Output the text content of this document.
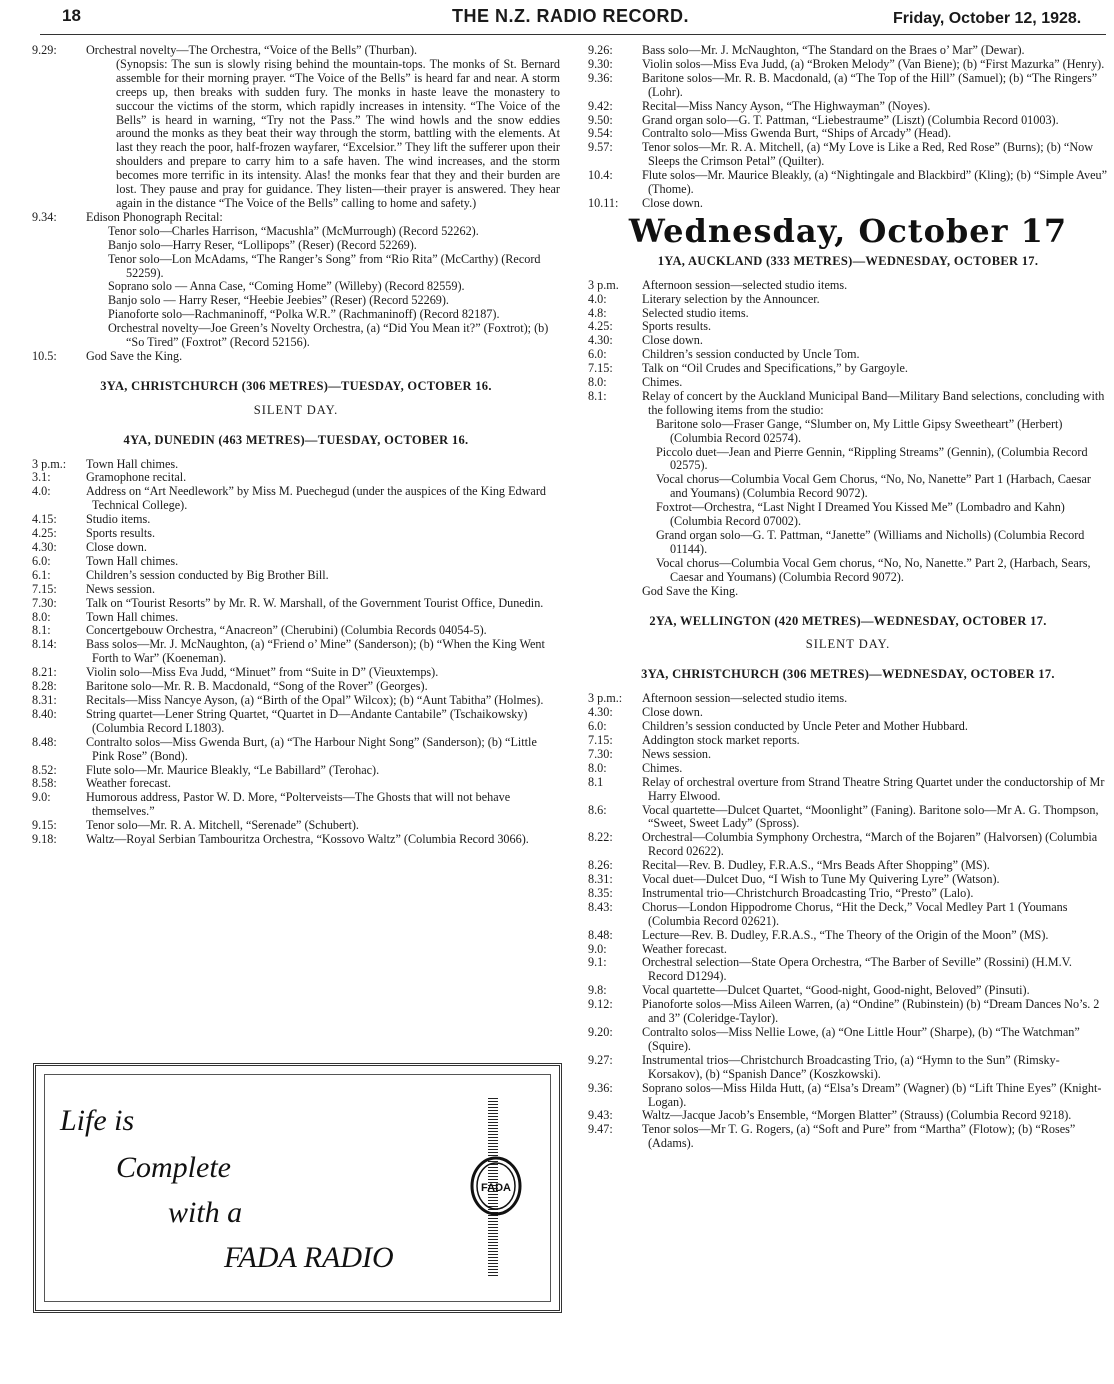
18	THE N.Z. RADIO RECORD.	Friday, October 12, 1928.

9.29: Orchestral novelty—The Orchestra, “Voice of the Bells” (Thurban).

(Synopsis: The sun is slowly rising behind the mountain-tops. The monks of St. Bernard assemble for their morning prayer. “The Voice of the Bells” is heard far and near. A storm creeps up, then breaks with sudden fury. The monks in haste leave the monastery to succour the victims of the storm, which rapidly increases in intensity. “The Voice of the Bells” is heard in warning, “Try not the Pass.” The wind howls and the snow eddies around the monks as they beat their way through the storm, battling with the elements. At last they reach the poor, half-frozen wayfarer, “Excelsior.” They lift the sufferer upon their shoulders and prepare to carry him to a safe haven. The wind increases, and the storm becomes more terrific in its intensity. Alas! the monks fear that they and their burden are lost. They pause and pray for guidance. They listen—their prayer is answered. They hear again in the distance “The Voice of the Bells” calling to home and safety.)

9.34: Edison Phonograph Recital:

Tenor solo—Charles Harrison, “Macushla” (McMurrough) (Record 52262).

Banjo solo—Harry Reser, “Lollipops” (Reser) (Record 52269).

Tenor solo—Lon McAdams, “The Ranger’s Song” from “Rio Rita” (McCarthy) (Record 52259).

Soprano solo — Anna Case, “Coming Home” (Willeby) (Record 82559).

Banjo solo — Harry Reser, “Heebie Jeebies” (Reser) (Record 52269).

Pianoforte solo—Rachmaninoff, “Polka W.R.” (Rachmaninoff) (Record 82187).

Orchestral novelty—Joe Green’s Novelty Orchestra, (a) “Did You Mean it?” (Foxtrot); (b) “So Tired” (Foxtrot” (Record 52156).

10.5: God Save the King.

3YA, CHRISTCHURCH (306 METRES)—TUESDAY, OCTOBER 16.
SILENT DAY.
4YA, DUNEDIN (463 METRES)—TUESDAY, OCTOBER 16.

3 p.m.: Town Hall chimes.

3.1:	Gramophone recital.

4.0:	Address on “Art Needlework” by Miss M. Puechegud (under the auspices of the King Edward Technical College).

4.15: Studio items.

4.25: Sports results.

4.30: Close down.

6.0:	Town Hall chimes.

6.1:	Children’s session conducted by Big Brother Bill.

7.15: News session.

7.30: Talk on “Tourist Resorts” by Mr. R. W. Marshall, of the Government Tourist Office, Dunedin.

8.0:	Town Hall chimes.

8.1:	Concertgebouw Orchestra, “Anacreon” (Cherubini) (Columbia Records 04054-5).

8.14: Bass solos—Mr. J. McNaughton, (a) “Friend o’ Mine” (Sanderson); (b) “When the King Went Forth to War” (Koeneman).

8.21: Violin solo—Miss Eva Judd, “Minuet” from “Suite in D” (Vieuxtemps).

8.28: Baritone solo—Mr. R. B. Macdonald, “Song of the Rover” (Georges).

8.31: Recitals—Miss Nancye Ayson, (a) “Birth of the Opal” Wilcox); (b) “Aunt Tabitha” (Holmes).

8.40: String quartet—Lener String Quartet, “Quartet in D—Andante Cantabile” (Tschaikowsky) (Columbia Record L1803).

8.48: Contralto solos—Miss Gwenda Burt, (a) “The Harbour Night Song” (Sanderson); (b) “Little Pink Rose” (Bond).

8.52: Flute solo—Mr. Maurice Bleakly, “Le Babillard” (Terohac).

8.58: Weather forecast.

9.0:	Humorous address, Pastor W. D. More, “Polterveists—The Ghosts that will not behave themselves.”

9.15: Tenor solo—Mr. R. A. Mitchell, “Serenade” (Schubert).

9.18: Waltz—Royal Serbian Tambouritza Orchestra, “Kossovo Waltz” (Columbia Record 3066).

Life is
Complete
with a
FADA RADIO
FADA

9.26: Bass solo—Mr. J. McNaughton, “The Standard on the Braes o’ Mar” (Dewar).

9.30: Violin solos—Miss Eva Judd, (a) “Broken Melody” (Van Biene); (b) “First Mazurka” (Henry).

9.36: Baritone solos—Mr. R. B. Macdonald, (a) “The Top of the Hill” (Samuel); (b) “The Ringers” (Lohr).

9.42: Recital—Miss Nancy Ayson, “The Highwayman” (Noyes).

9.50: Grand organ solo—G. T. Pattman, “Liebestraume” (Liszt) (Columbia Record 01003).

9.54: Contralto solo—Miss Gwenda Burt, “Ships of Arcady” (Head).

9.57: Tenor solos—Mr. R. A. Mitchell, (a) “My Love is Like a Red, Red Rose” (Burns); (b) “Now Sleeps the Crimson Petal” (Quilter).

10.4: Flute solos—Mr. Maurice Bleakly, (a) “Nightingale and Blackbird” (Kling); (b) “Simple Aveu” (Thome).

10.11: Close down.

Wednesday, October 17
1YA, AUCKLAND (333 METRES)—WEDNESDAY, OCTOBER 17.

3 p.m. Afternoon session—selected studio items.

4.0:	Literary selection by the Announcer.

4.8:	Selected studio items.

4.25: Sports results.

4.30: Close down.

6.0:	Children’s session conducted by Uncle Tom.

7.15: Talk on “Oil Crudes and Specifications,” by Gargoyle.

8.0:	Chimes.

8.1:	Relay of concert by the Auckland Municipal Band—Military Band selections, concluding with the following items from the studio:

Baritone solo—Fraser Gange, “Slumber on, My Little Gipsy Sweetheart” (Herbert) (Columbia Record 02574).

Piccolo duet—Jean and Pierre Gennin, “Rippling Streams” (Gennin), (Columbia Record 02575).

Vocal chorus—Columbia Vocal Gem Chorus, “No, No, Nanette” Part 1 (Harbach, Caesar and Youmans) (Columbia Record 9072).

Foxtrot—Orchestra, “Last Night I Dreamed You Kissed Me” (Lombadro and Kahn) (Columbia Record 07002).

Grand organ solo—G. T. Pattman, “Janette” (Williams and Nicholls) (Columbia Record 01144).

Vocal chorus—Columbia Vocal Gem chorus, “No, No, Nanette.” Part 2, (Harbach, Sears, Caesar and Youmans) (Columbia Record 9072).

God Save the King.

2YA, WELLINGTON (420 METRES)—WEDNESDAY, OCTOBER 17.
SILENT DAY.
3YA, CHRISTCHURCH (306 METRES)—WEDNESDAY, OCTOBER 17.

3 p.m.: Afternoon session—selected studio items.

4.30: Close down.

6.0:	Children’s session conducted by Uncle Peter and Mother Hubbard.

7.15: Addington stock market reports.

7.30: News session.

8.0:	Chimes.

8.1	Relay of orchestral overture from Strand Theatre String Quartet under the conductorship of Mr Harry Elwood.

8.6:	Vocal quartette—Dulcet Quartet, “Moonlight” (Faning). Baritone solo—Mr A. G. Thompson, “Sweet, Sweet Lady” (Spross).

8.22: Orchestral—Columbia Symphony Orchestra, “March of the Bojaren” (Halvorsen) (Columbia Record 02622).

8.26: Recital—Rev. B. Dudley, F.R.A.S., “Mrs Beads After Shopping” (MS).

8.31: Vocal duet—Dulcet Duo, “I Wish to Tune My Quivering Lyre” (Watson).

8.35: Instrumental trio—Christchurch Broadcasting Trio, “Presto” (Lalo).

8.43: Chorus—London Hippodrome Chorus, “Hit the Deck,” Vocal Medley Part 1 (Youmans (Columbia Record 02621).

8.48: Lecture—Rev. B. Dudley, F.R.A.S., “The Theory of the Origin of the Moon” (MS).

9.0:	Weather forecast.

9.1:	Orchestral selection—State Opera Orchestra, “The Barber of Seville” (Rossini) (H.M.V. Record D1294).

9.8:	Vocal quartette—Dulcet Quartet, “Good-night, Good-night, Beloved” (Pinsuti).

9.12: Pianoforte solos—Miss Aileen Warren, (a) “Ondine” (Rubinstein) (b) “Dream Dances No’s. 2 and 3” (Coleridge-Taylor).

9.20: Contralto solos—Miss Nellie Lowe, (a) “One Little Hour” (Sharpe), (b) “The Watchman” (Squire).

9.27: Instrumental trios—Christchurch Broadcasting Trio, (a) “Hymn to the Sun” (Rimsky-Korsakov), (b) “Spanish Dance” (Koszkowski).

9.36: Soprano solos—Miss Hilda Hutt, (a) “Elsa’s Dream” (Wagner) (b) “Lift Thine Eyes” (Knight-Logan).

9.43: Waltz—Jacque Jacob’s Ensemble, “Morgen Blatter” (Strauss) (Columbia Record 9218).

9.47: Tenor solos—Mr T. G. Rogers, (a) “Soft and Pure” from “Martha” (Flotow); (b) “Roses” (Adams).
